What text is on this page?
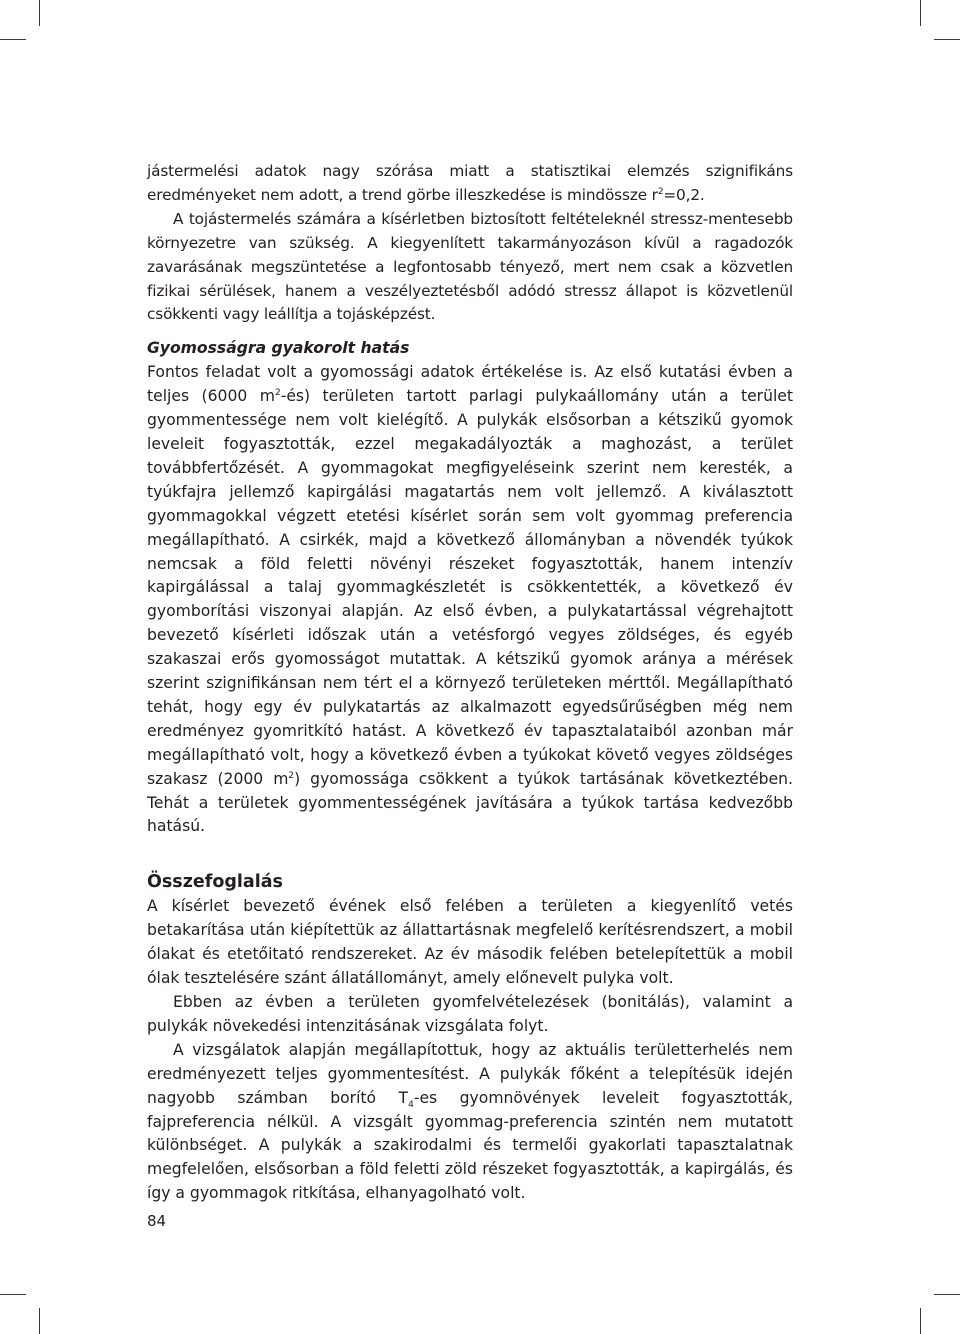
jástermelési adatok nagy szórása miatt a statisztikai elemzés szignifikáns eredményeket nem adott, a trend görbe illeszkedése is mindössze $r^2=0,2$.

A tojástermelés számára a kísérletben biztosított feltételeknél stressz-mentesebb környezetre van szükség. A kiegyenlített takarmányozáson kívül a ragadozók zavarásának megszüntetése a legfontosabb tényező, mert nem csak a közvetlen fizikai sérülések, hanem a veszélyeztetésből adódó stressz állapot is közvetlenül csökkenti vagy leállítja a tojásképzést.

Gyomosságra gyakorolt hatás

Fontos feladat volt a gyomossági adatok értékelése is. Az első kutatási évben a teljes (6000 $m^2-és$) területen tartott parlagi pulykaállomány után a terület gyommentessége nem volt kielégítő. A pulykák elsősorban a kétszikű gyomok leveleit fogyasztották, ezzel megakadályozták a maghozást, a terület továbbfertőzését. A gyommagokat megfigyeléseink szerint nem keresték, a tyúkfajra jellemző kapirgálási magatartás nem volt jellemző. A kiválasztott gyommagokkal végzett etetési kísérlet során sem volt gyommag preferencia megállapítható. A csirkék, majd a következő állományban a növendék tyúkok nemcsak a föld feletti növényi részeket fogyasztották, hanem intenzív kapirgálással a talaj gyommagkészletét is csökkentették, a következő év gyomborítási viszonyai alapján. Az első évben, a pulykatartással végrehajtott bevezető kísérleti időszak után a vetésforgó vegyes zöldséges, és egyéb szakaszai erős gyomosságot mutattak. A kétszikű gyomok aránya a mérések szerint szignifikánsan nem tért el a környező területeken mérttől. Megállapítható tehát, hogy egy év pulykatartás az alkalmazott egyedsűrűségben még nem eredményez gyomritkító hatást. A következő év tapasztalataiból azonban már megállapítható volt, hogy a következő évben a tyúkokat követő vegyes zöldséges szakasz (2000 $m^2$) gyomossága csökkent a tyúkok tartásának következtében. Tehát a területek gyommentességének javítására a tyúkok tartása kedvezőbb hatású.

Összefoglalás

A kísérlet bevezető évének első felében a területen a kiegyenlítő vetés betakarítása után kiépítettük az állattartásnak megfelelő kerítésrendszert, a mobil ólakat és etetőitató rendszereket. Az év második felében betelepítettük a mobil ólak tesztelésére szánt állatállományt, amely előnevelt pulyka volt.

Ebben az évben a területen gyomfelvételezések (bonitálás), valamint a pulykák növekedési intenzitásának vizsgálata folyt.

A vizsgálatok alapján megállapítottuk, hogy az aktuális területterhelés nem eredményezett teljes gyommentesítést. A pulykák főként a telepítésük idején nagyobb számban borító $T_4-es$ gyomnövények leveleit fogyasztották, fajpreferencia nélkül. A vizsgált gyommag-preferencia szintén nem mutatott különbséget. A pulykák a szakirodalmi és termelői gyakorlati tapasztalatnak megfelelően, elsősorban a föld feletti zöld részeket fogyasztották, a kapirgálás, és így a gyommagok ritkítása, elhanyagolható volt.

84
